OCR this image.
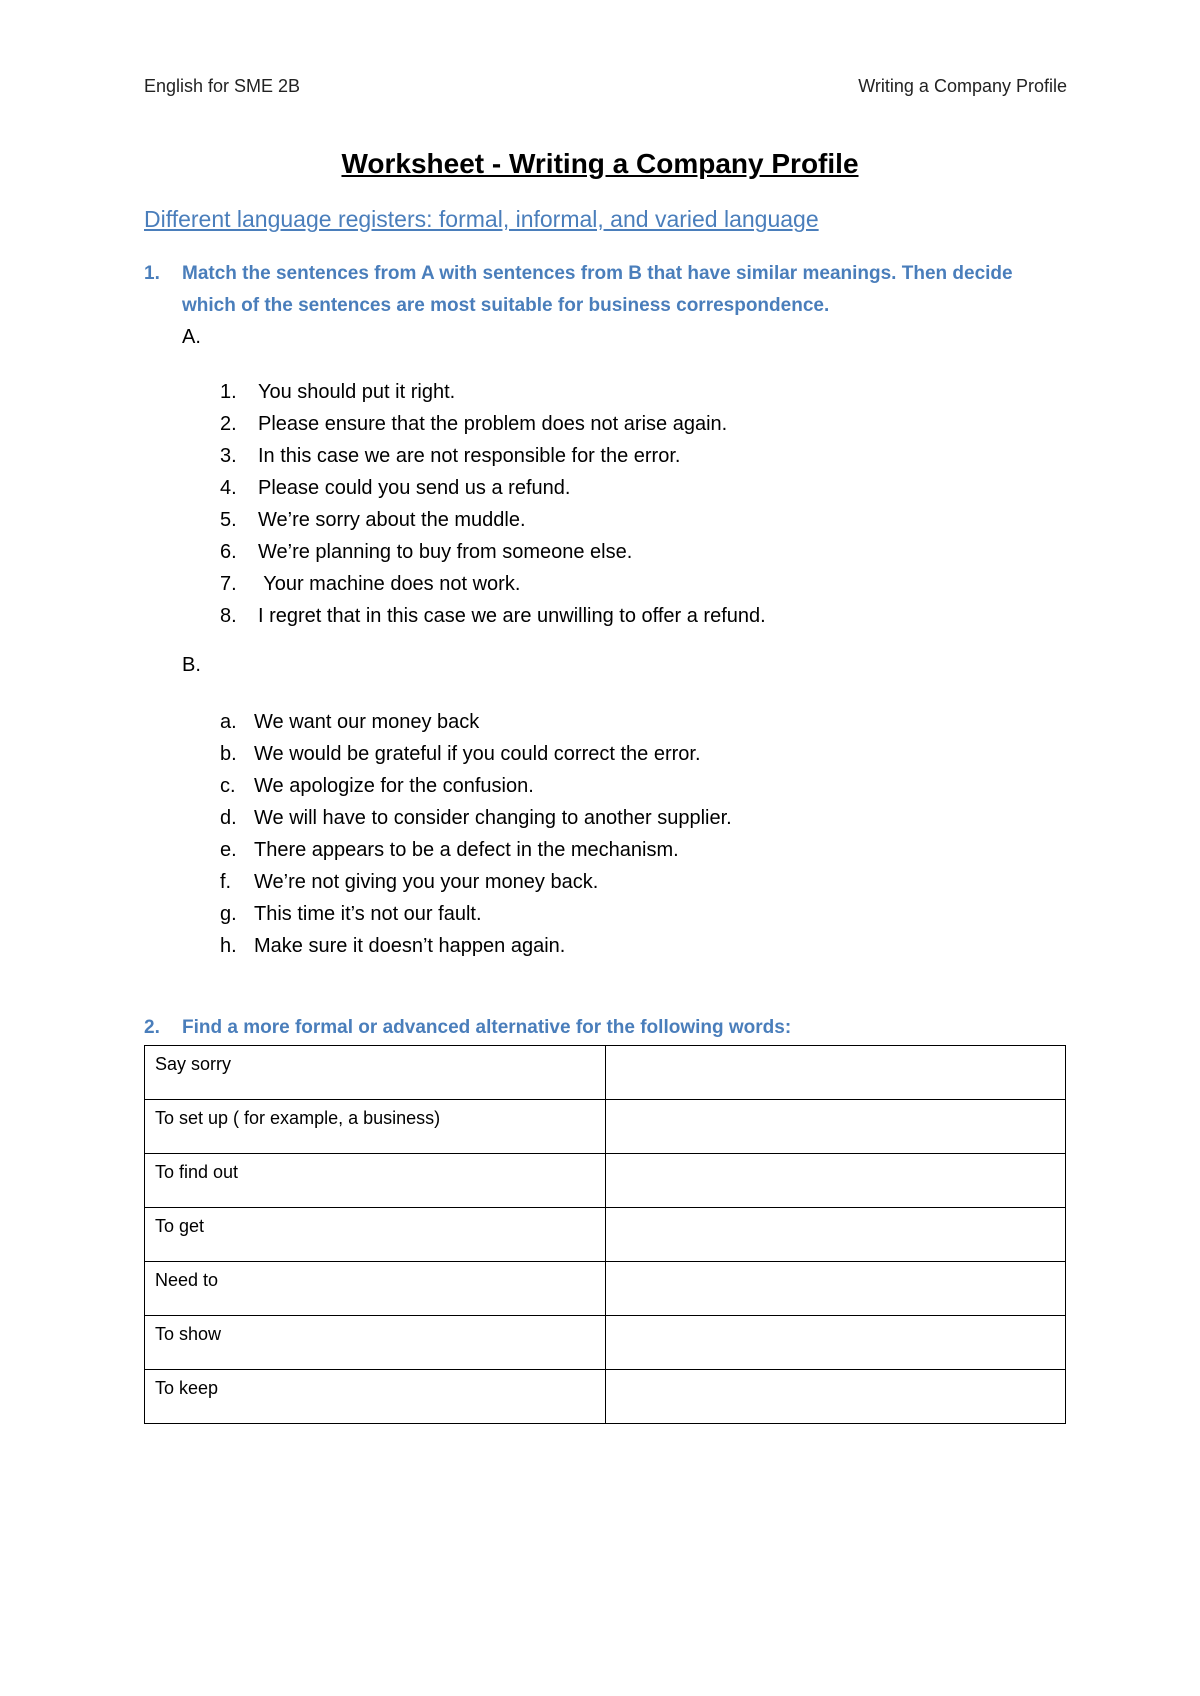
English for SME 2B	Writing a Company Profile
Worksheet - Writing a Company Profile
Different language registers: formal, informal, and varied language
1. Match the sentences from A with sentences from B that have similar meanings. Then decide which of the sentences are most suitable for business correspondence.
A.
1. You should put it right.
2. Please ensure that the problem does not arise again.
3. In this case we are not responsible for the error.
4. Please could you send us a refund.
5. We’re sorry about the muddle.
6. We’re planning to buy from someone else.
7. Your machine does not work.
8. I regret that in this case we are unwilling to offer a refund.
B.
a. We want our money back
b. We would be grateful if you could correct the error.
c. We apologize for the confusion.
d. We will have to consider changing to another supplier.
e. There appears to be a defect in the mechanism.
f. We’re not giving you your money back.
g. This time it’s not our fault.
h. Make sure it doesn’t happen again.
2. Find a more formal or advanced alternative for the following words:
Say sorry	
To set up ( for example, a business)	
To find out	
To get	
Need to	
To show	
To keep	
